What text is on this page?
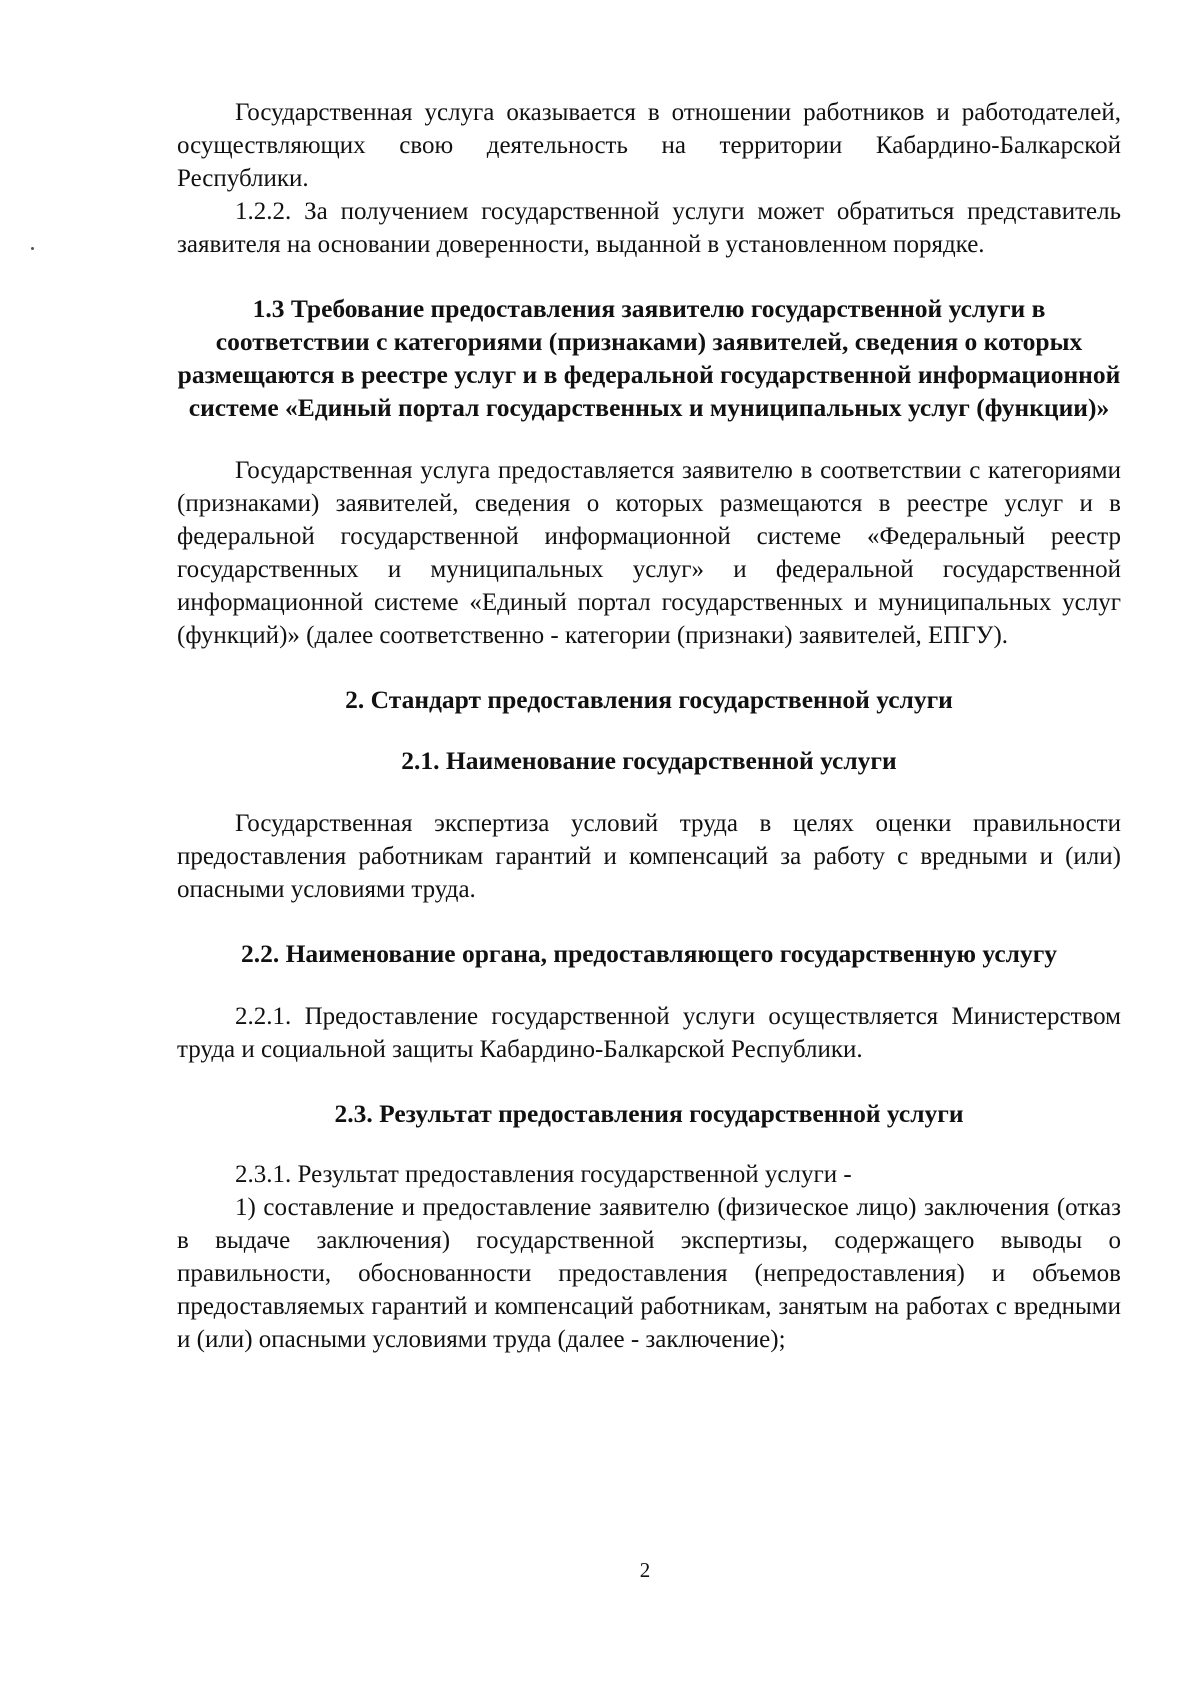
Государственная услуга оказывается в отношении работников и работодателей, осуществляющих свою деятельность на территории Кабардино-Балкарской Республики.

1.2.2. За получением государственной услуги может обратиться представитель заявителя на основании доверенности, выданной в установленном порядке.

1.3 Требование предоставления заявителю государственной услуги в соответствии с категориями (признаками) заявителей, сведения о которых размещаются в реестре услуг и в федеральной государственной информационной системе «Единый портал государственных и муниципальных услуг (функции)»

Государственная услуга предоставляется заявителю в соответствии с категориями (признаками) заявителей, сведения о которых размещаются в реестре услуг и в федеральной государственной информационной системе «Федеральный реестр государственных и муниципальных услуг» и федеральной государственной информационной системе «Единый портал государственных и муниципальных услуг (функций)» (далее соответственно - категории (признаки) заявителей, ЕПГУ).

2. Стандарт предоставления государственной услуги
2.1. Наименование государственной услуги

Государственная экспертиза условий труда в целях оценки правильности предоставления работникам гарантий и компенсаций за работу с вредными и (или) опасными условиями труда.

2.2. Наименование органа, предоставляющего государственную услугу

2.2.1. Предоставление государственной услуги осуществляется Министерством труда и социальной защиты Кабардино-Балкарской Республики.

2.3. Результат предоставления государственной услуги

2.3.1. Результат предоставления государственной услуги -

1) составление и предоставление заявителю (физическое лицо) заключения (отказ в выдаче заключения) государственной экспертизы, содержащего выводы о правильности, обоснованности предоставления (непредоставления) и объемов предоставляемых гарантий и компенсаций работникам, занятым на работах с вредными и (или) опасными условиями труда (далее - заключение);

2
